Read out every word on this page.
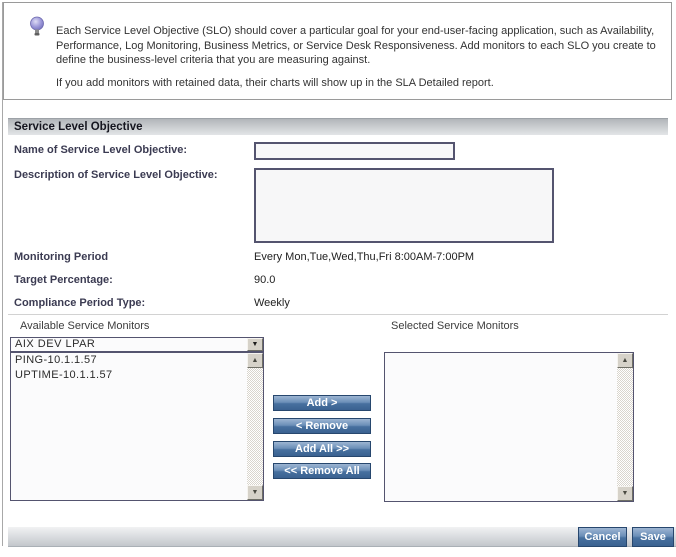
Each Service Level Objective (SLO) should cover a particular goal for your end-user-facing application, such as Availability, Performance, Log Monitoring, Business Metrics, or Service Desk Responsiveness. Add monitors to each SLO you create to define the business-level criteria that you are measuring against.

If you add monitors with retained data, their charts will show up in the SLA Detailed report.

Service Level Objective
Name of Service Level Objective:
Description of Service Level Objective:
Monitoring Period	Every Mon,Tue,Wed,Thu,Fri 8:00AM-7:00PM
Target Percentage:	90.0
Compliance Period Type:	Weekly
Available Service Monitors	Selected Service Monitors
AIX DEV LPAR	▼
PING-10.1.1.57
UPTIME-10.1.1.57
▲
▼
▲
▼
Add >
< Remove
Add All >>
<< Remove All
Cancel	Save
